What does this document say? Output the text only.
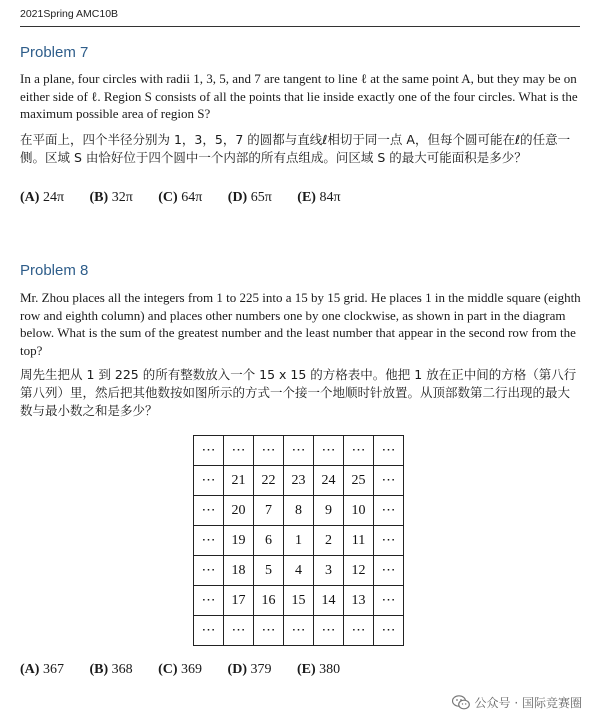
2021Spring AMC10B
Problem 7

In a plane, four circles with radii 1, 3, 5, and 7 are tangent to line ℓ at the same point A, but they may be on either side of ℓ. Region S consists of all the points that lie inside exactly one of the four circles. What is the maximum possible area of region S?

在平面上，四个半径分别为 1，3，5，7 的圆都与直线ℓ相切于同一点 A，但每个圆可能在ℓ的任意一侧。区域 S 由恰好位于四个圆中一个内部的所有点组成。问区域 S 的最大可能面积是多少？

(A) 24π (B) 32π (C) 64π (D) 65π (E) 84π
Problem 8

Mr. Zhou places all the integers from 1 to 225 into a 15 by 15 grid. He places 1 in the middle square (eighth row and eighth column) and places other numbers one by one clockwise, as shown in part in the diagram below. What is the sum of the greatest number and the least number that appear in the second row from the top?

周先生把从 1 到 225 的所有整数放入一个 15 x 15 的方格表中。他把 1 放在正中间的方格（第八行第八列）里，然后把其他数按如图所示的方式一个接一个地顺时针放置。从顶部数第二行出现的最大数与最小数之和是多少？

⋯	⋯	⋯	⋯	⋯	⋯	⋯
⋯	21	22	23	24	25	⋯
⋯	20	7	8	9	10	⋯
⋯	19	6	1	2	11	⋯
⋯	18	5	4	3	12	⋯
⋯	17	16	15	14	13	⋯
⋯	⋯	⋯	⋯	⋯	⋯	⋯
(A) 367 (B) 368 (C) 369 (D) 379 (E) 380
公众号 · 国际竞赛圈
